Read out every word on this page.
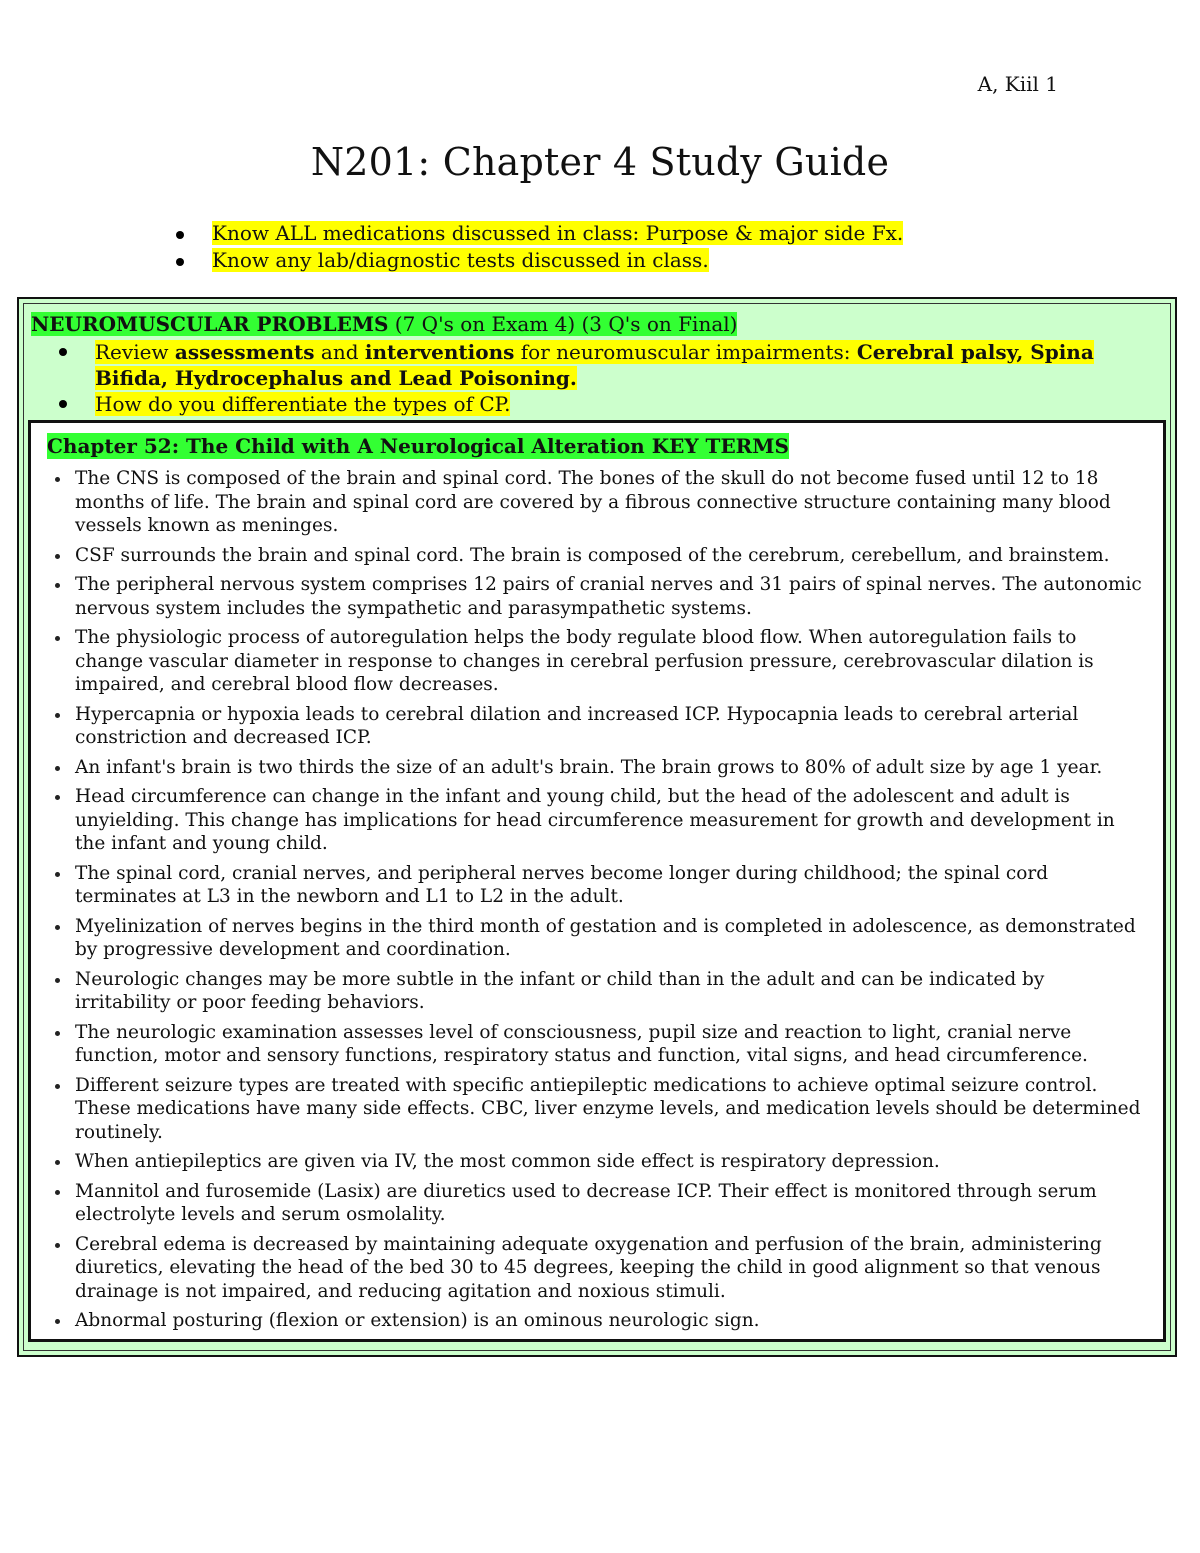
A, Kiil 1
N201: Chapter 4 Study Guide
Know ALL medications discussed in class: Purpose & major side Fx.
Know any lab/diagnostic tests discussed in class.
NEUROMUSCULAR PROBLEMS (7 Q's on Exam 4) (3 Q's on Final)
Review assessments and interventions for neuromuscular impairments: Cerebral palsy, Spina Bifida, Hydrocephalus and Lead Poisoning.
How do you differentiate the types of CP.
Chapter 52: The Child with A Neurological Alteration KEY TERMS
The CNS is composed of the brain and spinal cord. The bones of the skull do not become fused until 12 to 18 months of life. The brain and spinal cord are covered by a fibrous connective structure containing many blood vessels known as meninges.
CSF surrounds the brain and spinal cord. The brain is composed of the cerebrum, cerebellum, and brainstem.
The peripheral nervous system comprises 12 pairs of cranial nerves and 31 pairs of spinal nerves. The autonomic nervous system includes the sympathetic and parasympathetic systems.
The physiologic process of autoregulation helps the body regulate blood flow. When autoregulation fails to change vascular diameter in response to changes in cerebral perfusion pressure, cerebrovascular dilation is impaired, and cerebral blood flow decreases.
Hypercapnia or hypoxia leads to cerebral dilation and increased ICP. Hypocapnia leads to cerebral arterial constriction and decreased ICP.
An infant's brain is two thirds the size of an adult's brain. The brain grows to 80% of adult size by age 1 year.
Head circumference can change in the infant and young child, but the head of the adolescent and adult is unyielding. This change has implications for head circumference measurement for growth and development in the infant and young child.
The spinal cord, cranial nerves, and peripheral nerves become longer during childhood; the spinal cord terminates at L3 in the newborn and L1 to L2 in the adult.
Myelinization of nerves begins in the third month of gestation and is completed in adolescence, as demonstrated by progressive development and coordination.
Neurologic changes may be more subtle in the infant or child than in the adult and can be indicated by irritability or poor feeding behaviors.
The neurologic examination assesses level of consciousness, pupil size and reaction to light, cranial nerve function, motor and sensory functions, respiratory status and function, vital signs, and head circumference.
Different seizure types are treated with specific antiepileptic medications to achieve optimal seizure control. These medications have many side effects. CBC, liver enzyme levels, and medication levels should be determined routinely.
When antiepileptics are given via IV, the most common side effect is respiratory depression.
Mannitol and furosemide (Lasix) are diuretics used to decrease ICP. Their effect is monitored through serum electrolyte levels and serum osmolality.
Cerebral edema is decreased by maintaining adequate oxygenation and perfusion of the brain, administering diuretics, elevating the head of the bed 30 to 45 degrees, keeping the child in good alignment so that venous drainage is not impaired, and reducing agitation and noxious stimuli.
Abnormal posturing (flexion or extension) is an ominous neurologic sign.
